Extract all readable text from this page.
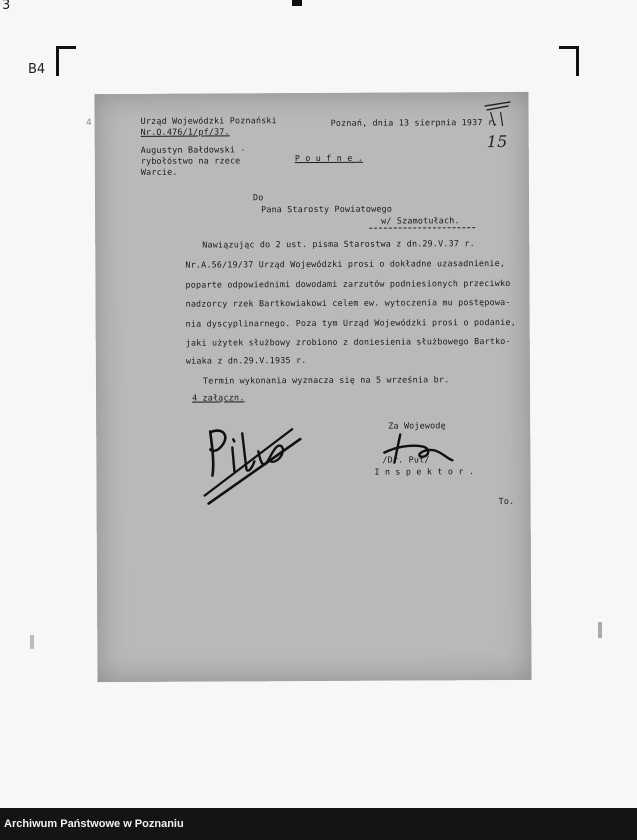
3
B4
4	Urząd Wojewódzki Poznański
Nr.O.476/1/pf/37.
Poznań, dnia 13 sierpnia 1937 r.
15
Augustyn Bałdowski -
rybołóstwo na rzece
Warcie.
P o u f n e .
Do
Pana Starosty Powiatowego
w/ Szamotułach.
Nawiązując do 2 ust. pisma Starostwa z dn.29.V.37 r.
Nr.A.56/19/37 Urząd Wojewódzki prosi o dokładne uzasadnienie,
poparte odpowiednimi dowodami zarzutów podniesionych przeciwko
nadzorcy rzek Bartkowiakowi celem ew. wytoczenia mu postępowa-
nia dyscyplinarnego. Poza tym Urząd Wojewódzki prosi o podanie,
jaki użytek służbowy zrobiono z doniesienia służbowego Bartko-
wiaka z dn.29.V.1935 r.
Termin wykonania wyznacza się na 5 września br.
4 załączn.
Za Wojewodę
/Dr. Put/
I n s p e k t o r .
To.
Archiwum Państwowe w Poznaniu
